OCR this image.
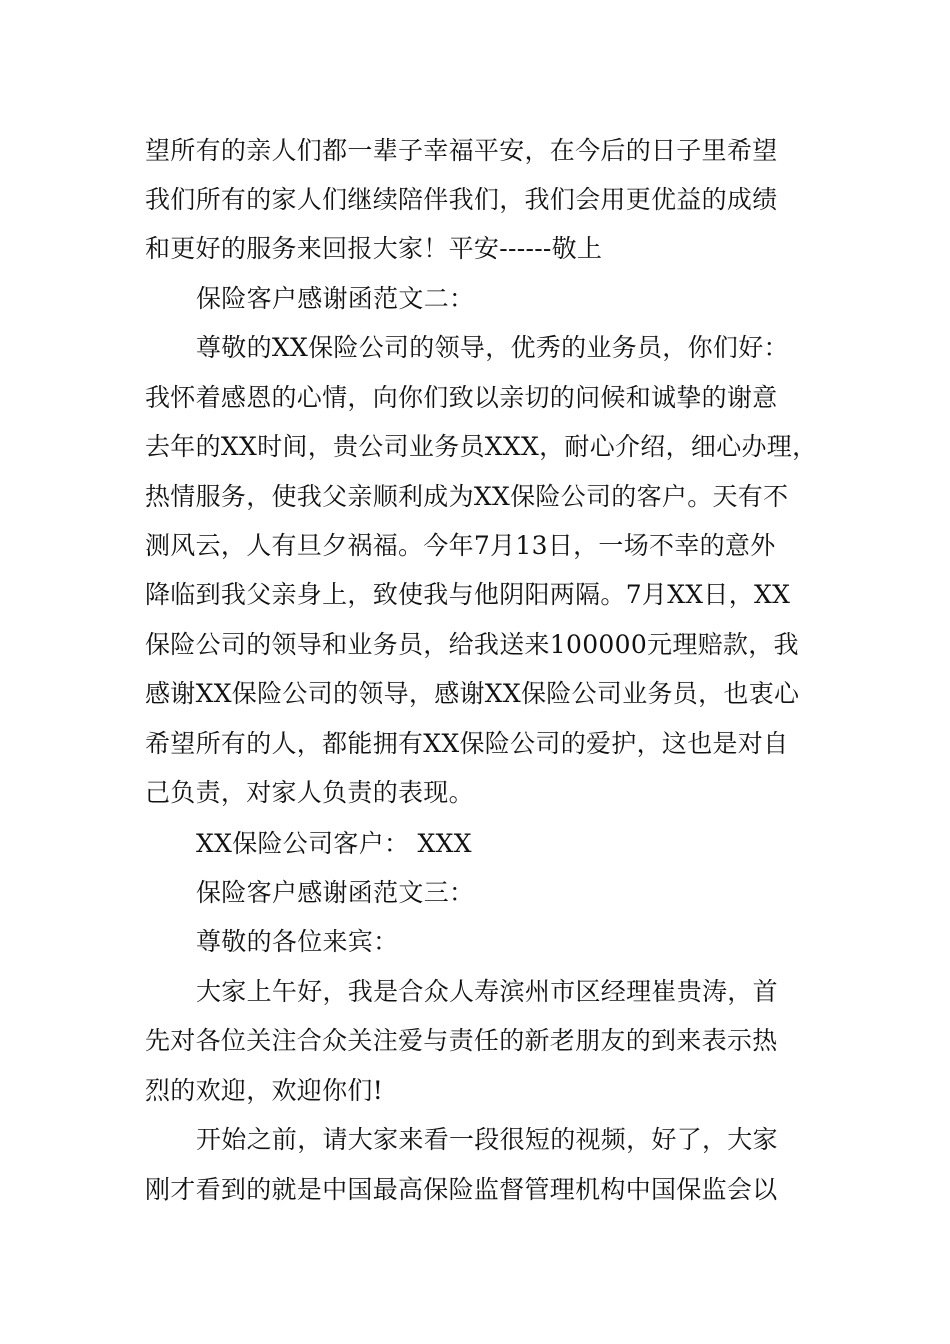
望所有的亲人们都一辈子幸福平安，在今后的日子里希望
我们所有的家人们继续陪伴我们，我们会用更优益的成绩
和更好的服务来回报大家！平安------敬上
保险客户感谢函范文二：
尊敬的XX保险公司的领导，优秀的业务员，你们好：
我怀着感恩的心情，向你们致以亲切的问候和诚挚的谢意
去年的XX时间，贵公司业务员XXX，耐心介绍，细心办理，
热情服务，使我父亲顺利成为XX保险公司的客户。天有不
测风云，人有旦夕祸福。今年7月13日，一场不幸的意外
降临到我父亲身上，致使我与他阴阳两隔。7月XX日，XX
保险公司的领导和业务员，给我送来100000元理赔款，我
感谢XX保险公司的领导，感谢XX保险公司业务员，也衷心
希望所有的人，都能拥有XX保险公司的爱护，这也是对自
己负责，对家人负责的表现。
XX保险公司客户： XXX
保险客户感谢函范文三：
尊敬的各位来宾：
大家上午好，我是合众人寿滨州市区经理崔贵涛，首
先对各位关注合众关注爱与责任的新老朋友的到来表示热
烈的欢迎，欢迎你们!
开始之前，请大家来看一段很短的视频，好了，大家
刚才看到的就是中国最高保险监督管理机构中国保监会以
